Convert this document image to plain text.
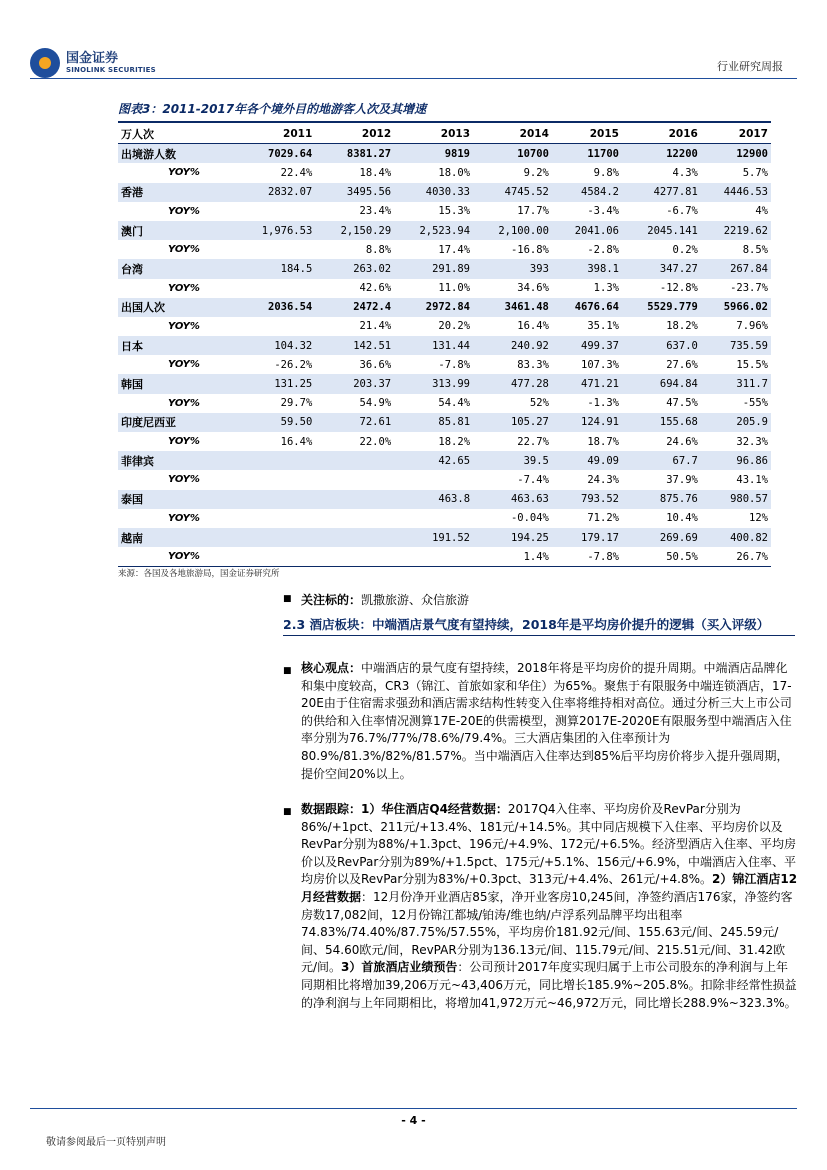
国金证券
SINOLINK SECURITIES	行业研究周报
图表3：2011-2017年各个境外目的地游客人次及其增速
万人次	2011	2012	2013	2014	2015	2016	2017
出境游人数	7029.64	8381.27	9819	10700	11700	12200	12900
YOY%	22.4%	18.4%	18.0%	9.2%	9.8%	4.3%	5.7%
香港	2832.07	3495.56	4030.33	4745.52	4584.2	4277.81	4446.53
YOY%		23.4%	15.3%	17.7%	-3.4%	-6.7%	4%
澳门	1,976.53	2,150.29	2,523.94	2,100.00	2041.06	2045.141	2219.62
YOY%		8.8%	17.4%	-16.8%	-2.8%	0.2%	8.5%
台湾	184.5	263.02	291.89	393	398.1	347.27	267.84
YOY%		42.6%	11.0%	34.6%	1.3%	-12.8%	-23.7%
出国人次	2036.54	2472.4	2972.84	3461.48	4676.64	5529.779	5966.02
YOY%		21.4%	20.2%	16.4%	35.1%	18.2%	7.96%
日本	104.32	142.51	131.44	240.92	499.37	637.0	735.59
YOY%	-26.2%	36.6%	-7.8%	83.3%	107.3%	27.6%	15.5%
韩国	131.25	203.37	313.99	477.28	471.21	694.84	311.7
YOY%	29.7%	54.9%	54.4%	52%	-1.3%	47.5%	-55%
印度尼西亚	59.50	72.61	85.81	105.27	124.91	155.68	205.9
YOY%	16.4%	22.0%	18.2%	22.7%	18.7%	24.6%	32.3%
菲律宾			42.65	39.5	49.09	67.7	96.86
YOY%				-7.4%	24.3%	37.9%	43.1%
泰国			463.8	463.63	793.52	875.76	980.57
YOY%				-0.04%	71.2%	10.4%	12%
越南			191.52	194.25	179.17	269.69	400.82
YOY%				1.4%	-7.8%	50.5%	26.7%
来源：各国及各地旅游局，国金证券研究所
■ 关注标的：凯撒旅游、众信旅游
2.3 酒店板块：中端酒店景气度有望持续，2018年是平均房价提升的逻辑（买入评级）
■ 核心观点：中端酒店的景气度有望持续，2018年将是平均房价的提升周期。中端酒店品牌化和集中度较高，CR3（锦江、首旅如家和华住）为65%。聚焦于有限服务中端连锁酒店，17-20E由于住宿需求强劲和酒店需求结构性转变入住率将维持相对高位。通过分析三大上市公司的供给和入住率情况测算17E-20E的供需模型，测算2017E-2020E有限服务型中端酒店入住率分别为76.7%/77%/78.6%/79.4%。三大酒店集团的入住率预计为80.9%/81.3%/82%/81.57%。当中端酒店入住率达到85%后平均房价将步入提升强周期，提价空间20%以上。
■ 数据跟踪：1）华住酒店Q4经营数据：2017Q4入住率、平均房价及RevPar分别为86%/+1pct、211元/+13.4%、181元/+14.5%。其中同店规模下入住率、平均房价以及RevPar分别为88%/+1.3pct、196元/+4.9%、172元/+6.5%。经济型酒店入住率、平均房价以及RevPar分别为89%/+1.5pct、175元/+5.1%、156元/+6.9%，中端酒店入住率、平均房价以及RevPar分别为83%/+0.3pct、313元/+4.4%、261元/+4.8%。2）锦江酒店12月经营数据：12月份净开业酒店85家，净开业客房10,245间，净签约酒店176家，净签约客房数17,082间，12月份锦江都城/铂涛/维也纳/卢浮系列品牌平均出租率74.83%/74.40%/87.75%/57.55%，平均房价181.92元/间、155.63元/间、245.59元/间、54.60欧元/间，RevPAR分别为136.13元/间、115.79元/间、215.51元/间、31.42欧元/间。3）首旅酒店业绩预告：公司预计2017年度实现归属于上市公司股东的净利润与上年同期相比将增加39,206万元~43,406万元，同比增长185.9%~205.8%。扣除非经常性损益的净利润与上年同期相比，将增加41,972万元~46,972万元，同比增长288.9%~323.3%。
- 4 -
敬请参阅最后一页特别声明
